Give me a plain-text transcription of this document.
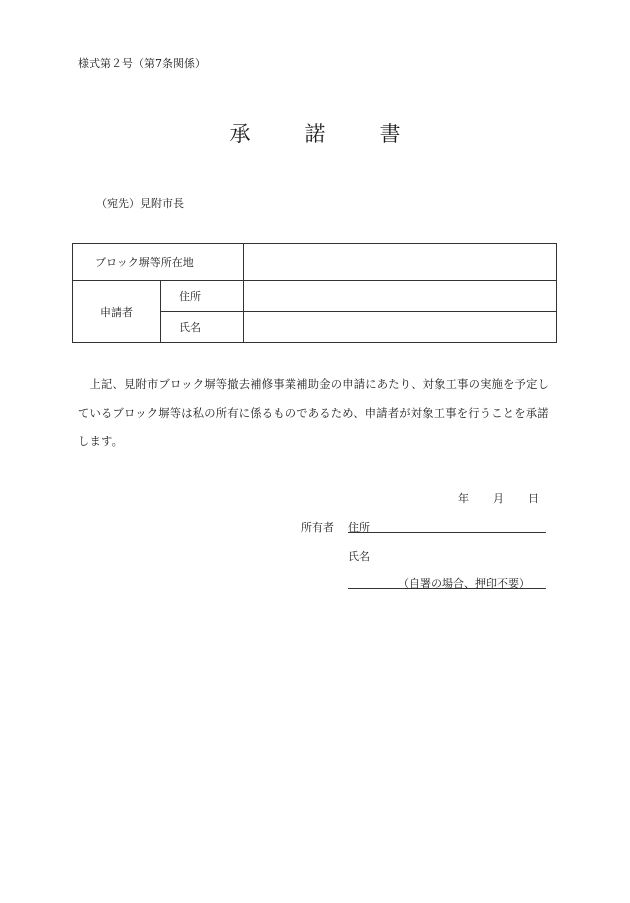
様式第２号（第7条関係）
承	諾	書
（宛先）見附市長
ブロック塀等所在地		
申請者	住所	
	氏名	
　上記、見附市ブロック塀等撤去補修事業補助金の申請にあたり、対象工事の実施を予定しているブロック塀等は私の所有に係るものであるため、申請者が対象工事を行うことを承諾します。
年 月 日
所有者 住所
氏名
（自署の場合、押印不要）
